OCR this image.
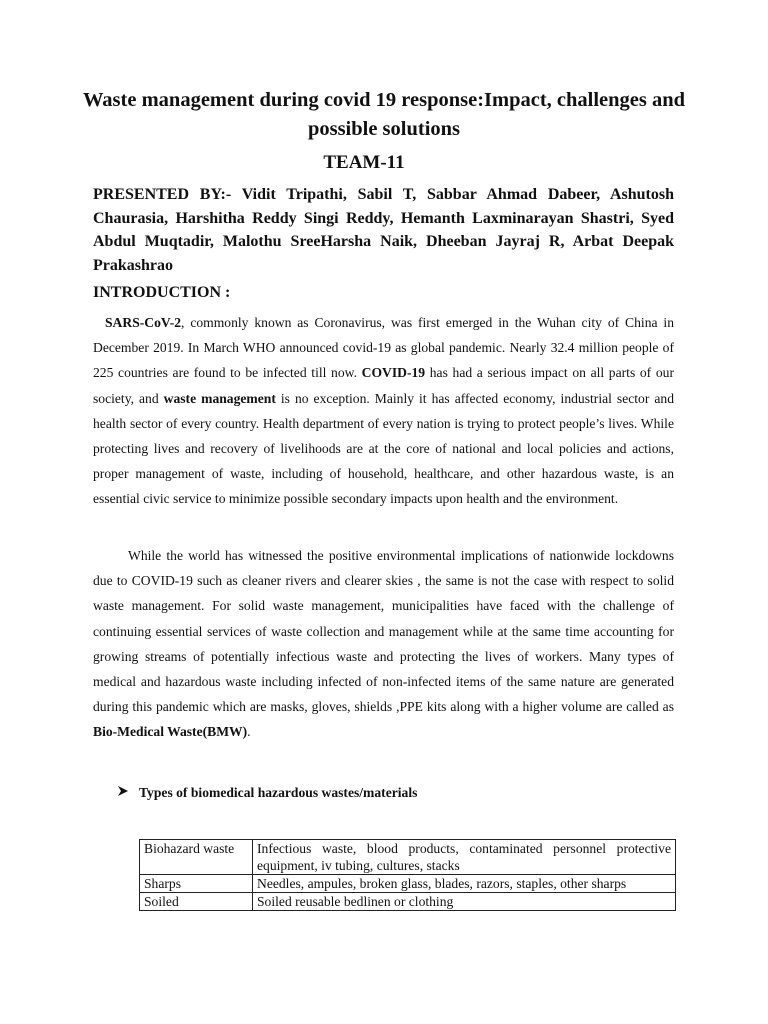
Waste management during covid 19 response:Impact, challenges and possible solutions
TEAM-11
PRESENTED BY:- Vidit Tripathi, Sabil T, Sabbar Ahmad Dabeer, Ashutosh Chaurasia, Harshitha Reddy Singi Reddy, Hemanth Laxminarayan Shastri, Syed Abdul Muqtadir, Malothu SreeHarsha Naik, Dheeban Jayraj R, Arbat Deepak Prakashrao
INTRODUCTION :
SARS-CoV-2, commonly known as Coronavirus, was first emerged in the Wuhan city of China in December 2019. In March WHO announced covid-19 as global pandemic. Nearly 32.4 million people of 225 countries are found to be infected till now. COVID-19 has had a serious impact on all parts of our society, and waste management is no exception. Mainly it has affected economy, industrial sector and health sector of every country. Health department of every nation is trying to protect people’s lives. While protecting lives and recovery of livelihoods are at the core of national and local policies and actions, proper management of waste, including of household, healthcare, and other hazardous waste, is an essential civic service to minimize possible secondary impacts upon health and the environment.
While the world has witnessed the positive environmental implications of nationwide lockdowns due to COVID-19 such as cleaner rivers and clearer skies , the same is not the case with respect to solid waste management. For solid waste management, municipalities have faced with the challenge of continuing essential services of waste collection and management while at the same time accounting for growing streams of potentially infectious waste and protecting the lives of workers. Many types of medical and hazardous waste including infected of non-infected items of the same nature are generated during this pandemic which are masks, gloves, shields ,PPE kits along with a higher volume are called as Bio-Medical Waste(BMW).
Types of biomedical hazardous wastes/materials
Biohazard waste	Infectious waste, blood products, contaminated personnel protective equipment, iv tubing, cultures, stacks
Sharps	Needles, ampules, broken glass, blades, razors, staples, other sharps
Soiled	Soiled reusable bedlinen or clothing
